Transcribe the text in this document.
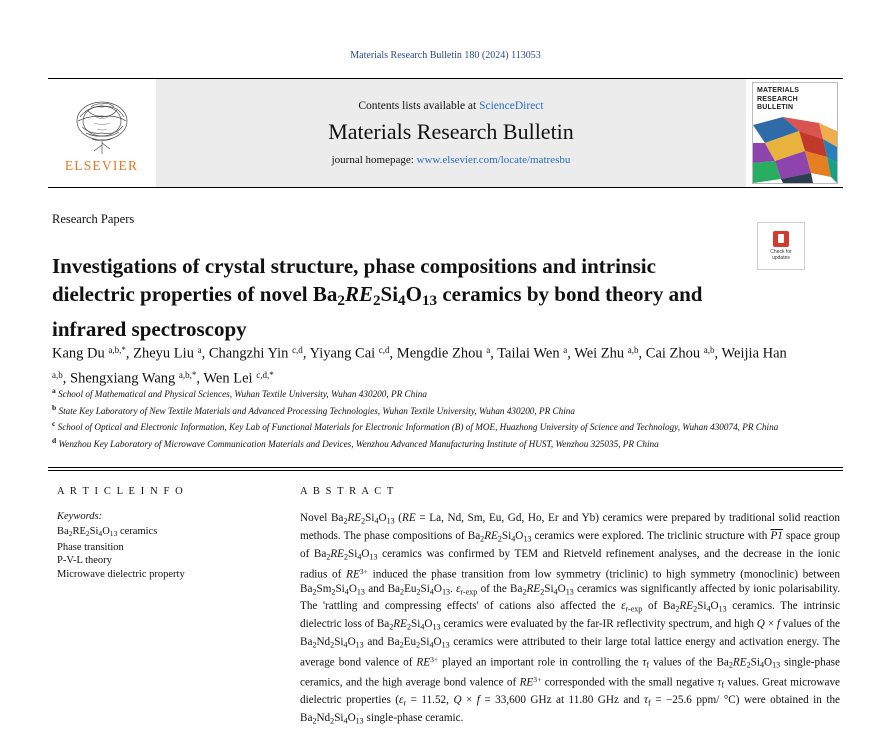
Materials Research Bulletin 180 (2024) 113053
ELSEVIER
Contents lists available at ScienceDirect
Materials Research Bulletin
journal homepage: www.elsevier.com/locate/matresbu
MATERIALS
RESEARCH
BULLETIN
Research Papers
Check for
updates
Investigations of crystal structure, phase compositions and intrinsic dielectric properties of novel $Ba_2RE_2Si_4O_{13}$ ceramics by bond theory and infrared spectroscopy
Kang Du $^{a,b,*}$, Zheyu Liu $^a$, Changzhi Yin $^{c,d}$, Yiyang Cai $^{c,d}$, Mengdie Zhou $^a$, Tailai Wen $^a$, Wei Zhu $^{a,b}$, Cai Zhou $^{a,b}$, Weijia Han $^{a,b}$, Shengxiang Wang $^{a,b,*}$, Wen Lei $^{c,d,*}$

$^a$ School of Mathematical and Physical Sciences, Wuhan Textile University, Wuhan 430200, PR China

$^b$ State Key Laboratory of New Textile Materials and Advanced Processing Technologies, Wuhan Textile University, Wuhan 430200, PR China

$^c$ School of Optical and Electronic Information, Key Lab of Functional Materials for Electronic Information (B) of MOE, Huazhong University of Science and Technology, Wuhan 430074, PR China

$^d$ Wenzhou Key Laboratory of Microwave Communication Materials and Devices, Wenzhou Advanced Manufacturing Institute of HUST, Wenzhou 325035, PR China

A R T I C L E I N F O
Keywords:
$Ba_2RE_2Si_4O_{13}$ ceramics
Phase transition
P-V-L theory
Microwave dielectric property
A B S T R A C T

Novel $Ba_2RE_2Si_4O_{13}$ (RE = La, Nd, Sm, Eu, Gd, Ho, Er and Yb) ceramics were prepared by traditional solid reaction methods. The phase compositions of $Ba_2RE_2Si_4O_{13}$ ceramics were explored. The triclinic structure with P1 space group of $Ba_2RE_2Si_4O_{13}$ ceramics was confirmed by TEM and Rietveld refinement analyses, and the decrease in the ionic radius of $RE^{3+}$ induced the phase transition from low symmetry (triclinic) to high symmetry (monoclinic) between $Ba_2Sm_2Si_4O_{13}$ and $Ba_2Eu_2Si_4O_{13}$. $\varepsilon_{r-exp}$ of the $Ba_2RE_2Si_4O_{13}$ ceramics was significantly affected by ionic polarisability. The 'rattling and compressing effects' of cations also affected the $\varepsilon_{r-exp}$ of $Ba_2RE_2Si_4O_{13}$ ceramics. The intrinsic dielectric loss of $Ba_2RE_2Si_4O_{13}$ ceramics were evaluated by the far-IR reflectivity spectrum, and high Q × f values of the $Ba_2Nd_2Si_4O_{13}$ and $Ba_2Eu_2Si_4O_{13}$ ceramics were attributed to their large total lattice energy and activation energy. The average bond valence of $RE^{3+}$ played an important role in controlling the $\tau_f$ values of the $Ba_2RE_2Si_4O_{13}$ single-phase ceramics, and the high average bond valence of $RE^{3+}$ corresponded with the small negative $\tau_f$ values. Great microwave dielectric properties ($\varepsilon_r = 11.52$, Q × f = 33,600 GHz at 11.80 GHz and $\tau_f = -25.6$ ppm/ °C) were obtained in the $Ba_2Nd_2Si_4O_{13}$ single-phase ceramic.
